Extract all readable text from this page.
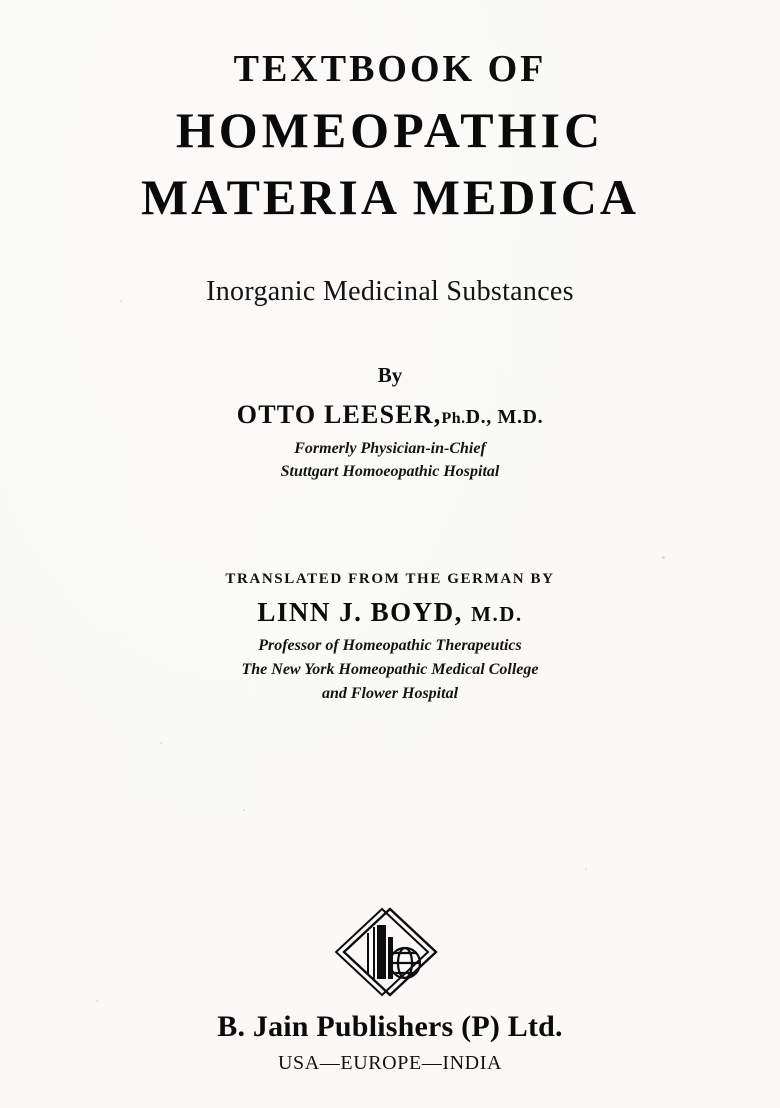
TEXTBOOK OF
HOMEOPATHIC
MATERIA MEDICA
Inorganic Medicinal Substances
By
OTTO LEESER,Ph.D., M.D.
Formerly Physician-in-Chief
Stuttgart Homoeopathic Hospital
TRANSLATED FROM THE GERMAN BY
LINN J. BOYD, M.D.
Professor of Homeopathic Therapeutics
The New York Homeopathic Medical College
and Flower Hospital
B. Jain Publishers (P) Ltd.
USA—EUROPE—INDIA
